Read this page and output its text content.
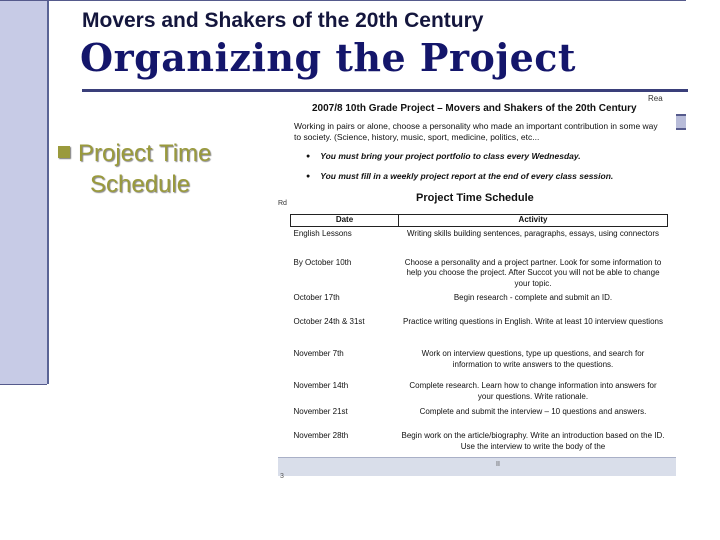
Movers and Shakers of the 20th Century
Organizing the Project
Project Time
Schedule
Rea
2007/8 10th Grade Project – Movers and Shakers of the 20th Century
Working in pairs or alone, choose a personality who made an important contribution in some way to society. (Science, history, music, sport, medicine, politics, etc...
● You must bring your project portfolio to class every Wednesday.
● You must fill in a weekly project report at the end of every class session.
Rd	Project Time Schedule
Date	Activity
English Lessons	Writing skills building sentences, paragraphs, essays, using connectors
By October 10th	Choose a personality and a project partner. Look for some information to help you choose the project. After Succot you will not be able to change your topic.
October 17th	Begin research - complete and submit an ID.
October 24th & 31st	Practice writing questions in English. Write at least 10 interview questions
November 7th	Work on interview questions, type up questions, and search for information to write answers to the questions.
November 14th	Complete research. Learn how to change information into answers for your questions. Write rationale.
November 21st	Complete and submit the interview – 10 questions and answers.
November 28th	Begin work on the article/biography. Write an introduction based on the ID. Use the interview to write the body of the
II
3
